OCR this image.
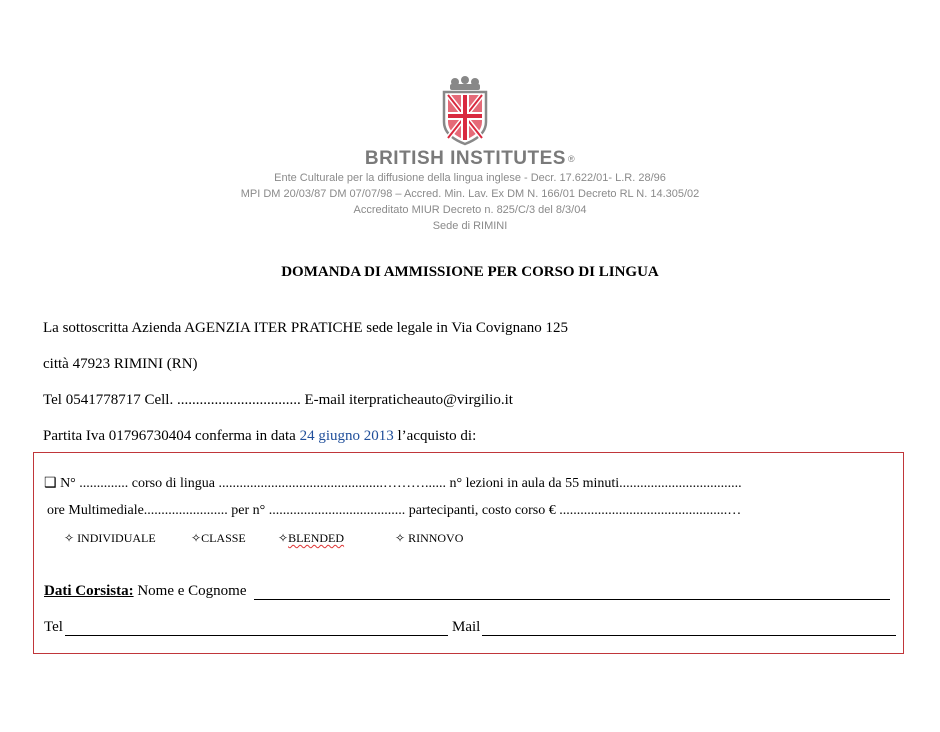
BRITISH INSTITUTES ®
Ente Culturale per la diffusione della lingua inglese - Decr. 17.622/01- L.R. 28/96
MPI DM 20/03/87 DM 07/07/98 – Accred. Min. Lav. Ex DM N. 166/01 Decreto RL N. 14.305/02
Accreditato MIUR Decreto n. 825/C/3 del 8/3/04
Sede di RIMINI
DOMANDA DI AMMISSIONE PER CORSO DI LINGUA
La sottoscritta Azienda AGENZIA ITER PRATICHE sede legale in Via Covignano 125
città 47923 RIMINI (RN)
Tel 0541778717 Cell. ................................. E-mail iterpraticheauto@virgilio.it
Partita Iva 01796730404 conferma in data 24 giugno 2013 l’acquisto di:
❑ N° .............. corso di lingua ...............................................………...... n° lezioni in aula da 55 minuti...................................
ore Multimediale........................ per n° ....................................... partecipanti, costo corso € ................................................…
✧ INDIVIDUALE	✧CLASSE	✧BLENDED	✧ RINNOVO
Dati Corsista: Nome e Cognome
Tel	Mail
